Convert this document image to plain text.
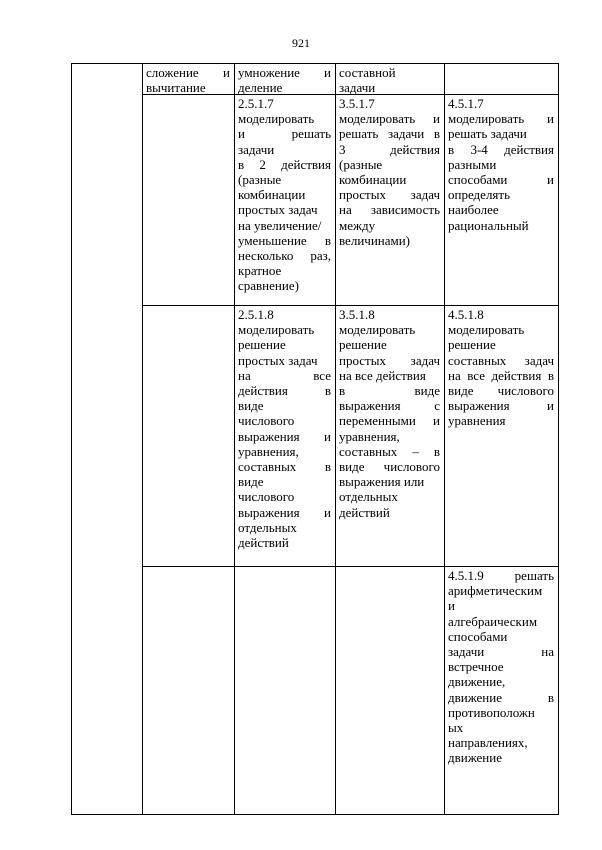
921
сложение и
вычитание
умножение и
деление
составной
задачи
2.5.1.7
моделировать
и решать
задачи
в 2 действия
(разные
комбинации
простых задач
на увеличение/
уменьшение в
несколько раз,
кратное
сравнение)
3.5.1.7
моделировать и
решать задачи в
3 действия
(разные
комбинации
простых задач
на зависимость
между
величинами)
4.5.1.7
моделировать и
решать задачи
в 3-4 действия
разными
способами и
определять
наиболее
рациональный
2.5.1.8
моделировать
решение
простых задач
на все
действия в
виде
числового
выражения и
уравнения,
составных в
виде
числового
выражения и
отдельных
действий
3.5.1.8
моделировать
решение
простых задач
на все действия
в виде
выражения с
переменными и
уравнения,
составных – в
виде числового
выражения или
отдельных
действий
4.5.1.8
моделировать
решение
составных задач
на все действия в
виде числового
выражения и
уравнения
4.5.1.9 решать
арифметическим
и
алгебраическим
способами
задачи на
встречное
движение,
движение в
противоположн
ых
направлениях,
движение
